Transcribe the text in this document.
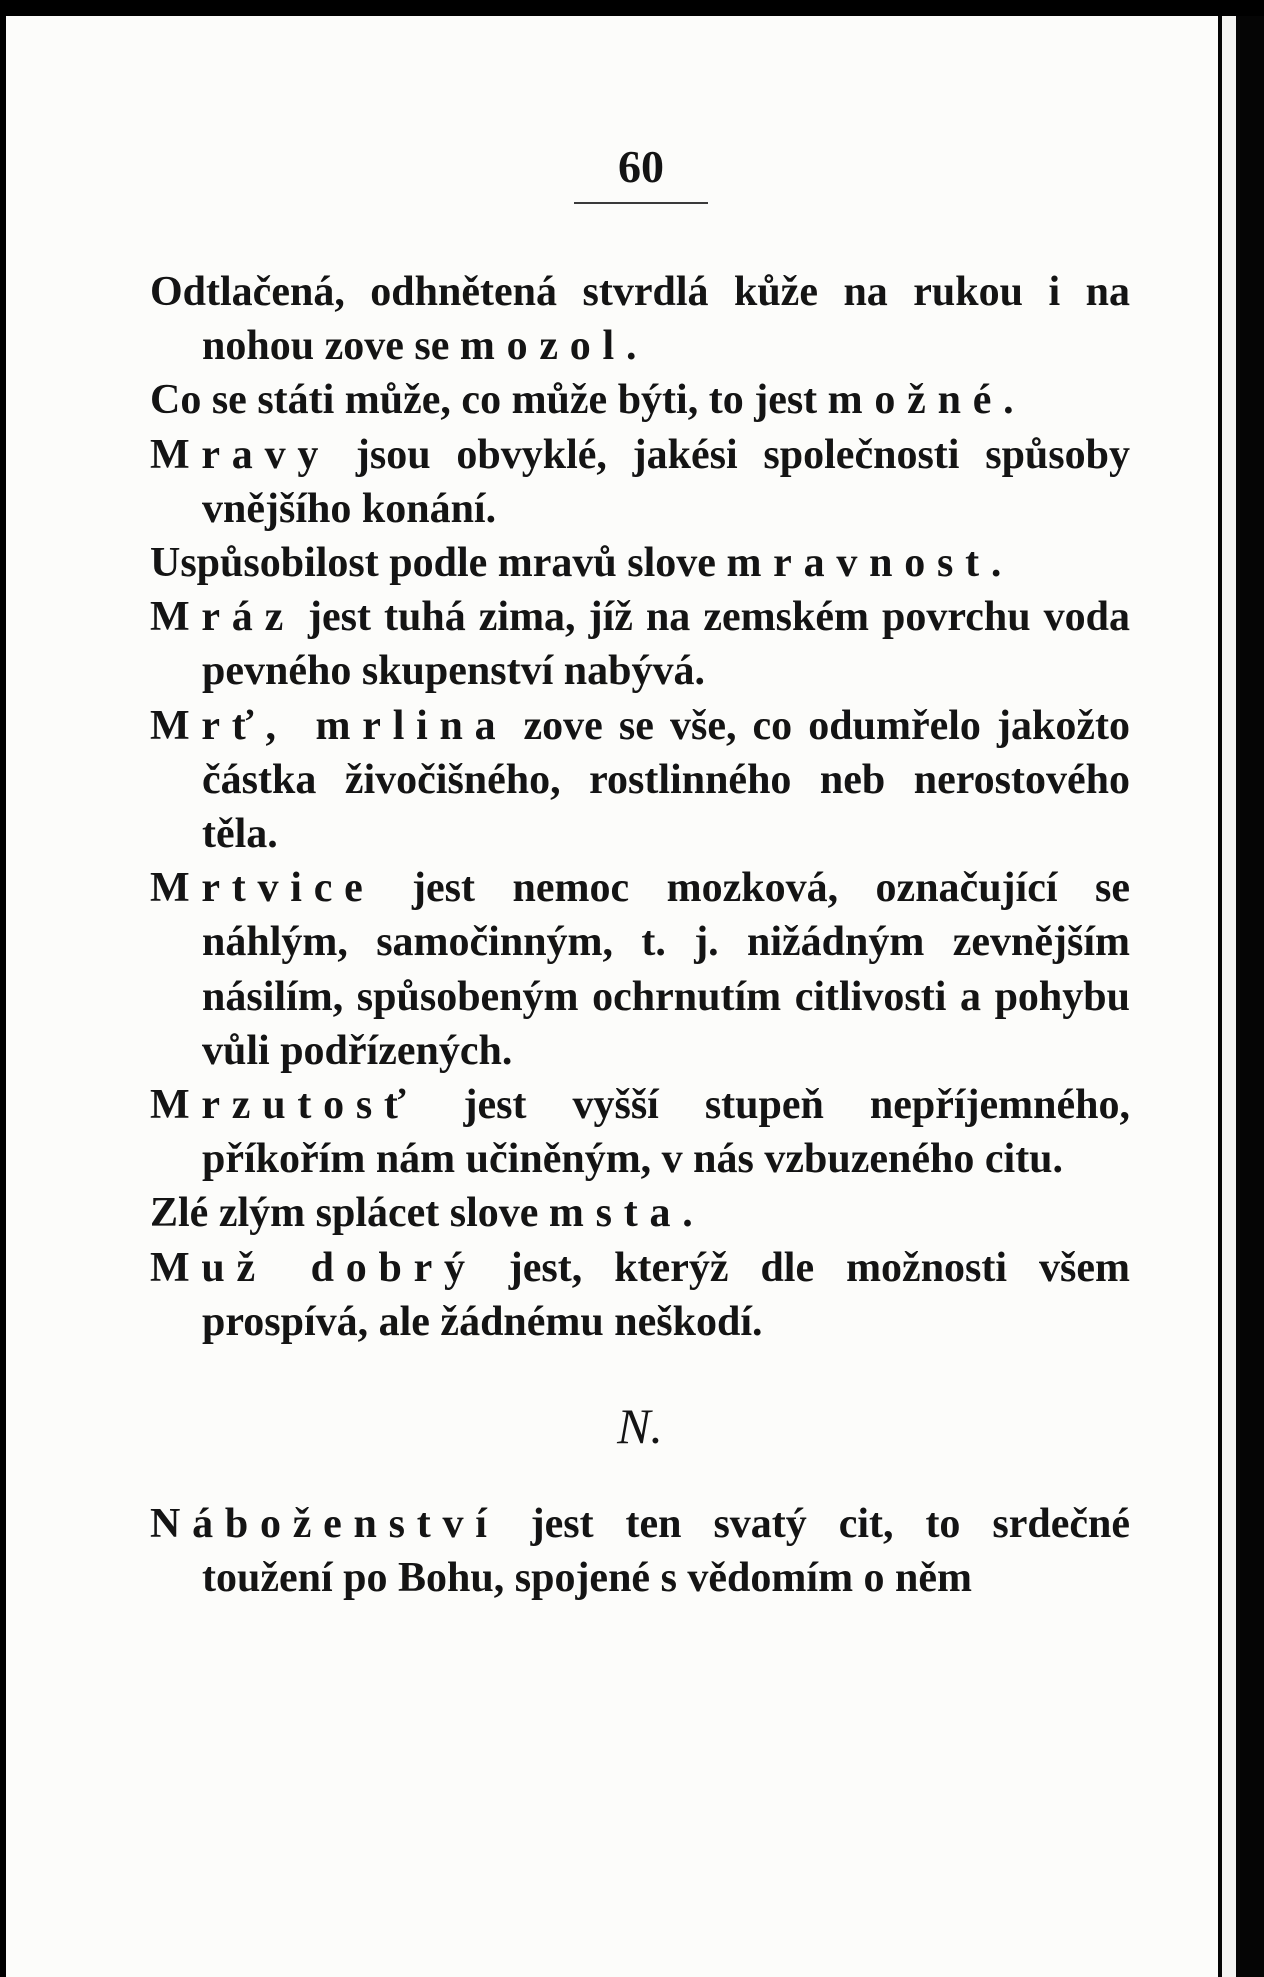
60

Odtlačená, odhnětená stvrdlá kůže na rukou i na nohou zove se mozol.

Co se státi může, co může býti, to jest možné.

Mravy jsou obvyklé, jakési společnosti spůsoby vnějšího konání.

Uspůsobilost podle mravů slove mravnost.

Mráz jest tuhá zima, jíž na zemském povrchu voda pevného skupenství nabývá.

Mrť, mrlina zove se vše, co odumřelo jakožto částka živočišného, rostlinného neb nerostového těla.

Mrtvice jest nemoc mozková, označující se náhlým, samočinným, t. j. nižádným zevnějším násilím, spůsobeným ochrnutím citlivosti a pohybu vůli podřízených.

Mrzutosť jest vyšší stupeň nepříjemného, příkořím nám učiněným, v nás vzbuzeného citu.

Zlé zlým splácet slove msta.

Muž dobrý jest, kterýž dle možnosti všem prospívá, ale žádnému neškodí.

N.

Náboženství jest ten svatý cit, to srdečné toužení po Bohu, spojené s vědomím o něm
